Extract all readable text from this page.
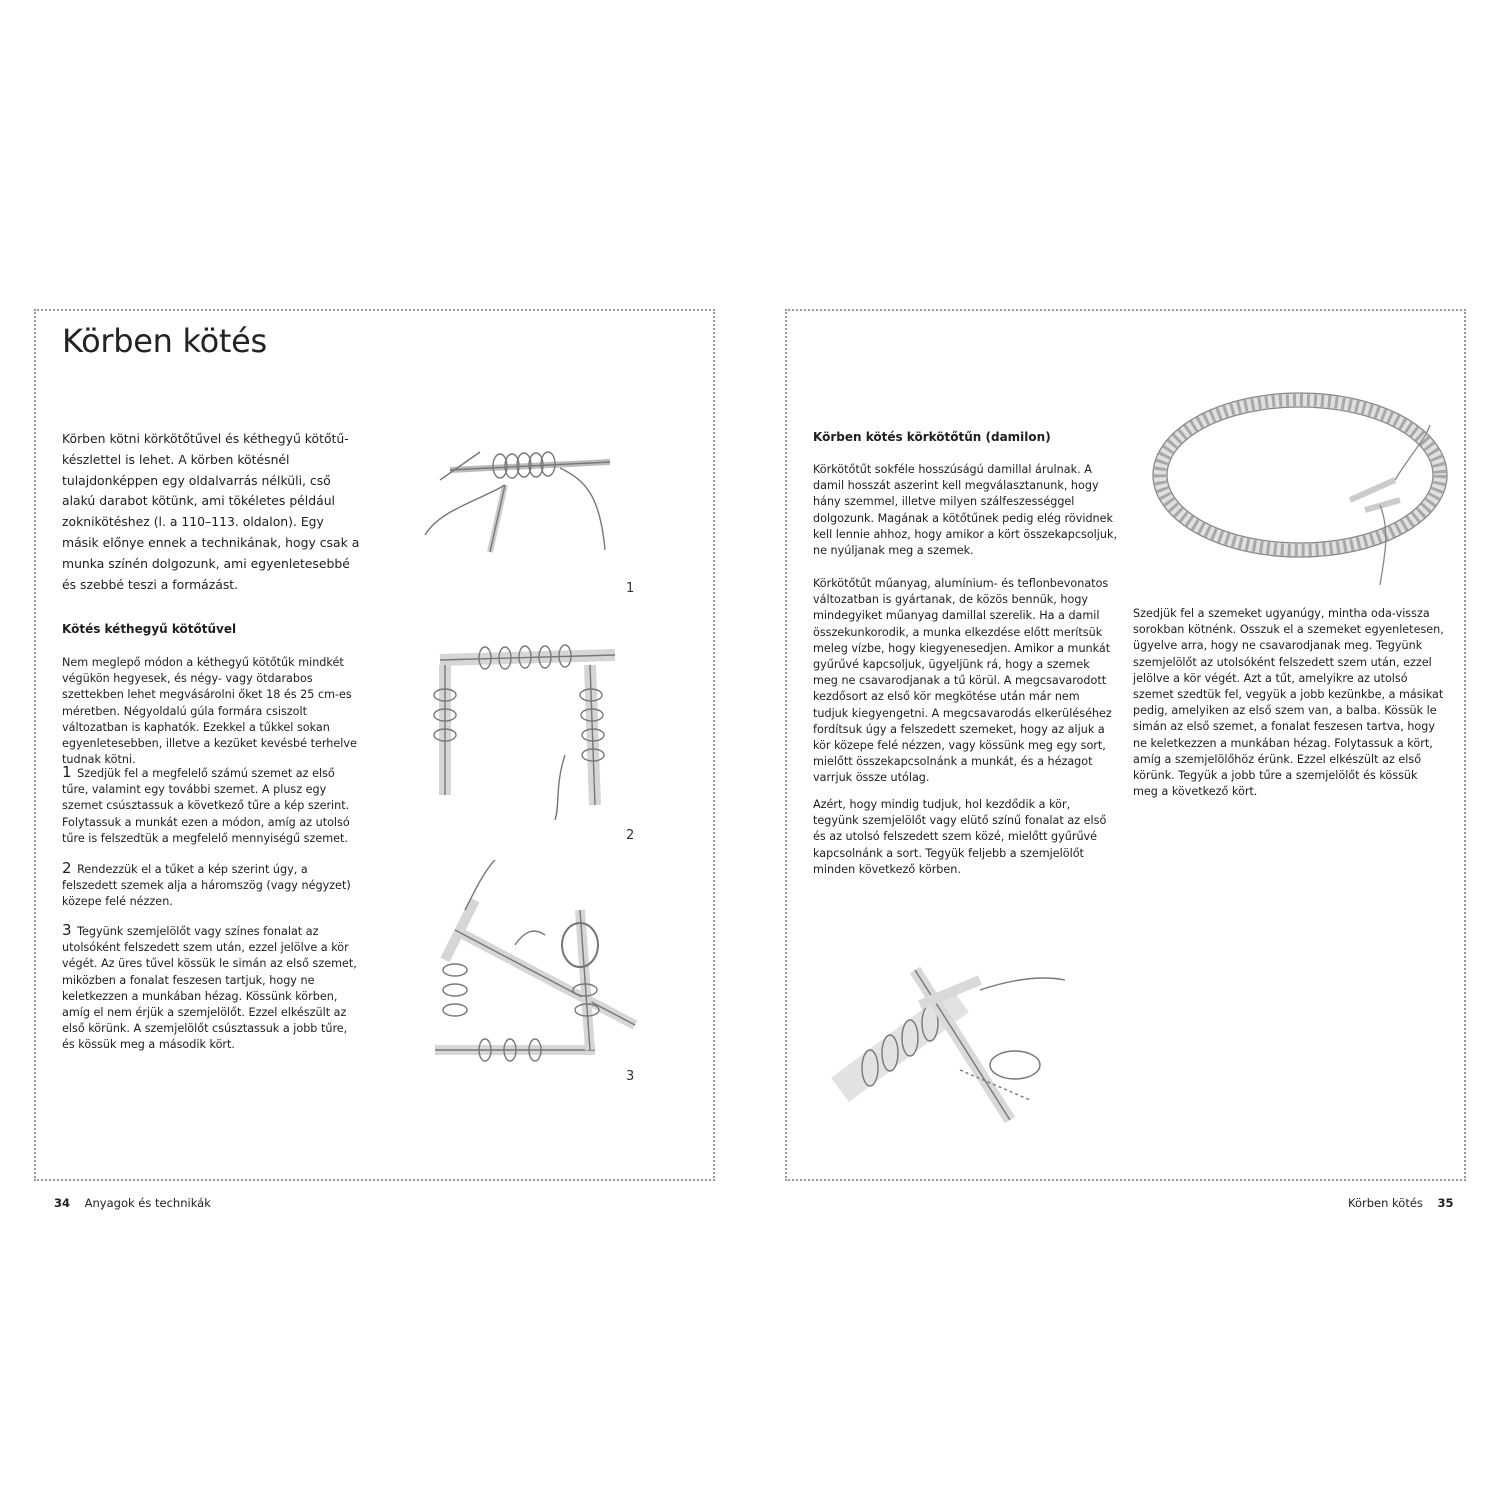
Körben kötés

Körben kötni körkötőtűvel és kéthegyű kötőtű-készlettel is lehet. A körben kötésnél tulajdonképpen egy oldalvarrás nélküli, cső alakú darabot kötünk, ami tökéletes például zoknikötéshez (l. a 110–113. oldalon). Egy másik előnye ennek a technikának, hogy csak a munka színén dolgozunk, ami egyenletesebbé és szebbé teszi a formázást.

Kötés kéthegyű kötőtűvel

Nem meglepő módon a kéthegyű kötőtűk mindkét végükön hegyesek, és négy- vagy ötdarabos szettekben lehet megvásárolni őket 18 és 25 cm-es méretben. Négyoldalú gúla formára csiszolt változatban is kaphatók. Ezekkel a tűkkel sokan egyenletesebben, illetve a kezüket kevésbé terhelve tudnak kötni.

1 Szedjük fel a megfelelő számú szemet az első tűre, valamint egy további szemet. A plusz egy szemet csúsztassuk a következő tűre a kép szerint. Folytassuk a munkát ezen a módon, amíg az utolsó tűre is felszedtük a megfelelő mennyiségű szemet.

2 Rendezzük el a tűket a kép szerint úgy, a felszedett szemek alja a háromszög (vagy négyzet) közepe felé nézzen.

3 Tegyünk szemjelölőt vagy színes fonalat az utolsóként felszedett szem után, ezzel jelölve a kör végét. Az üres tűvel kössük le simán az első szemet, miközben a fonalat feszesen tartjuk, hogy ne keletkezzen a munkában hézag. Kössünk körben, amíg el nem érjük a szemjelölőt. Ezzel elkészült az első körünk. A szemjelölőt csúsztassuk a jobb tűre, és kössük meg a második kört.

1
2
3
34 Anyagok és technikák
Körben kötés körkötőtűn (damilon)

Körkötőtűt sokféle hosszúságú damillal árulnak. A damil hosszát aszerint kell megválasztanunk, hogy hány szemmel, illetve milyen szálfeszességgel dolgozunk. Magának a kötőtűnek pedig elég rövidnek kell lennie ahhoz, hogy amikor a kört összekapcsoljuk, ne nyúljanak meg a szemek.

Körkötőtűt műanyag, alumínium- és teflonbevonatos változatban is gyártanak, de közös bennük, hogy mindegyiket műanyag damillal szerelik. Ha a damil összekunkorodik, a munka elkezdése előtt merítsük meleg vízbe, hogy kiegyenesedjen. Amikor a munkát gyűrűvé kapcsoljuk, ügyeljünk rá, hogy a szemek meg ne csavarodjanak a tű körül. A megcsavarodott kezdősort az első kör megkötése után már nem tudjuk kiegyengetni. A megcsavarodás elkerüléséhez fordítsuk úgy a felszedett szemeket, hogy az aljuk a kör közepe felé nézzen, vagy kössünk meg egy sort, mielőtt összekapcsolnánk a munkát, és a hézagot varrjuk össze utólag.

Azért, hogy mindig tudjuk, hol kezdődik a kör, tegyünk szemjelölőt vagy elütő színű fonalat az első és az utolsó felszedett szem közé, mielőtt gyűrűvé kapcsolnánk a sort. Tegyük feljebb a szemjelölőt minden következő körben.

Szedjük fel a szemeket ugyanúgy, mintha oda-vissza sorokban kötnénk. Osszuk el a szemeket egyenletesen, ügyelve arra, hogy ne csavarodjanak meg. Tegyünk szemjelölőt az utolsóként felszedett szem után, ezzel jelölve a kör végét. Azt a tűt, amelyikre az utolsó szemet szedtük fel, vegyük a jobb kezünkbe, a másikat pedig, amelyiken az első szem van, a balba. Kössük le simán az első szemet, a fonalat feszesen tartva, hogy ne keletkezzen a munkában hézag. Folytassuk a kört, amíg a szemjelölőhöz érünk. Ezzel elkészült az első körünk. Tegyük a jobb tűre a szemjelölőt és kössük meg a következő kört.

Körben kötés 35
